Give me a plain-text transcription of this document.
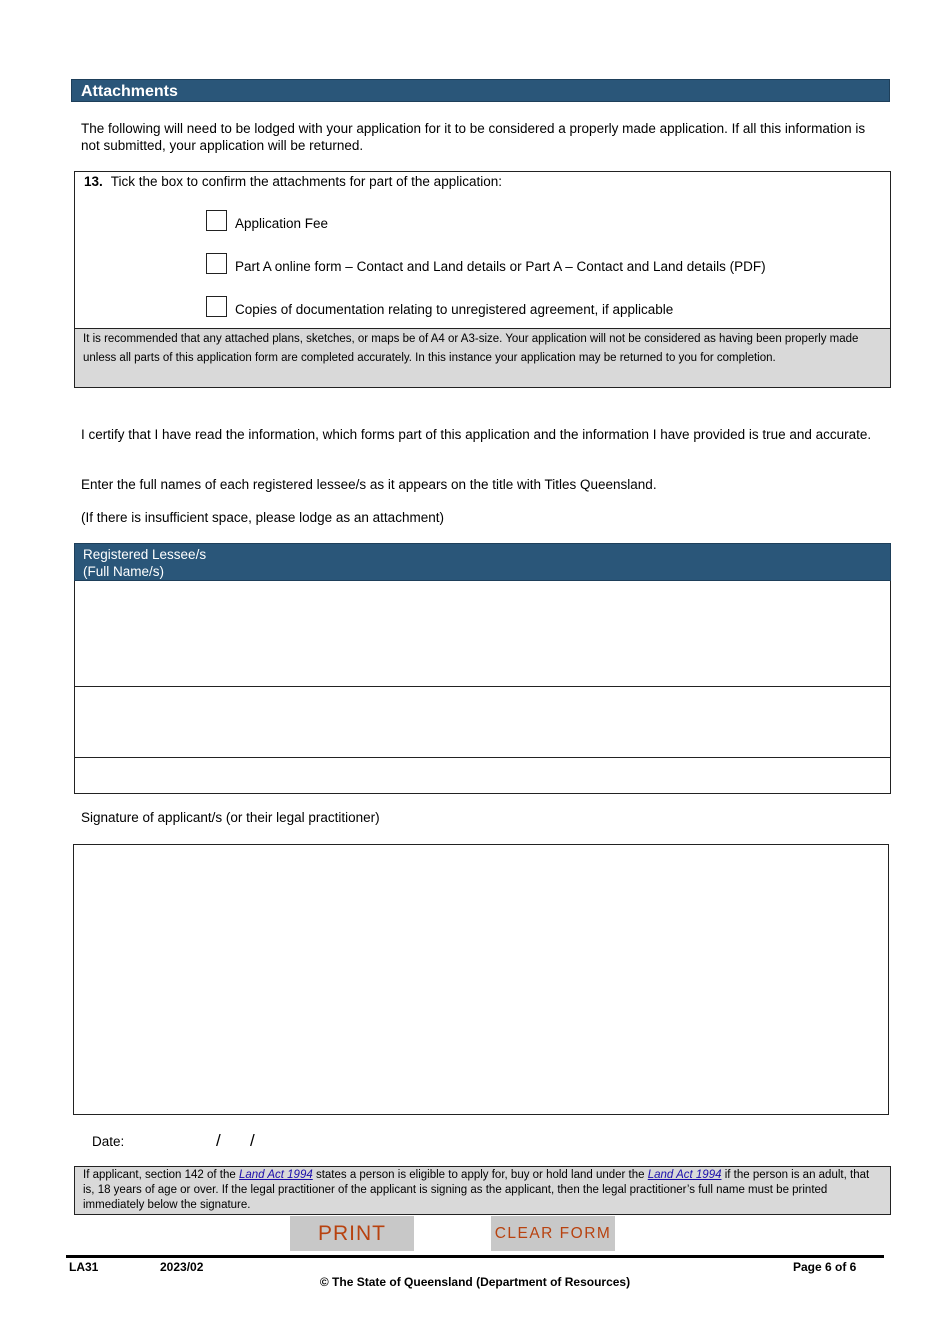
Attachments
The following will need to be lodged with your application for it to be considered a properly made application. If all this information is not submitted, your application will be returned.
13. Tick the box to confirm the attachments for part of the application:
Application Fee
Part A online form – Contact and Land details or Part A – Contact and Land details (PDF)
Copies of documentation relating to unregistered agreement, if applicable
It is recommended that any attached plans, sketches, or maps be of A4 or A3-size. Your application will not be considered as having been properly made unless all parts of this application form are completed accurately. In this instance your application may be returned to you for completion.
I certify that I have read the information, which forms part of this application and the information I have provided is true and accurate.
Enter the full names of each registered lessee/s as it appears on the title with Titles Queensland.
(If there is insufficient space, please lodge as an attachment)
Registered Lessee/s
(Full Name/s)
Signature of applicant/s (or their legal practitioner)
Date:	/ /
If applicant, section 142 of the Land Act 1994 states a person is eligible to apply for, buy or hold land under the Land Act 1994 if the person is an adult, that is, 18 years of age or over. If the legal practitioner of the applicant is signing as the applicant, then the legal practitioner’s full name must be printed immediately below the signature.
PRINT	CLEAR FORM
LA31	2023/02	Page 6 of 6
© The State of Queensland (Department of Resources)
